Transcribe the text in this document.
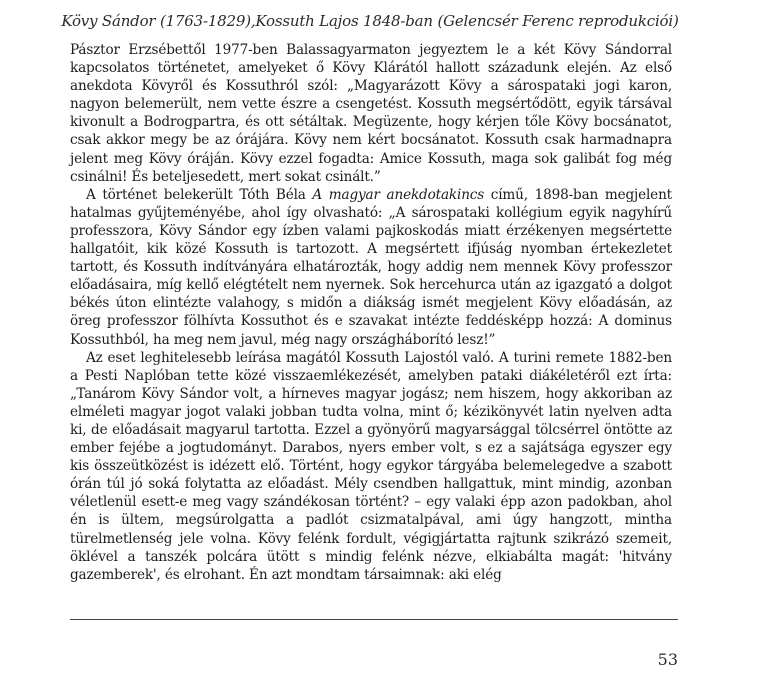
Kövy Sándor (1763-1829),Kossuth Lajos 1848-ban (Gelencsér Ferenc reprodukciói)

Pásztor Erzsébettől 1977-ben Balassagyarmaton jegyeztem le a két Kövy Sándorral kapcsolatos történetet, amelyeket ő Kövy Klárától hallott századunk elején. Az első anekdota Kövyről és Kossuthról szól: „Magyarázott Kövy a sárospataki jogi karon, nagyon belemerült, nem vette észre a csengetést. Kossuth megsértődött, egyik társával kivonult a Bodrogpartra, és ott sétáltak. Megüzente, hogy kérjen tőle Kövy bocsánatot, csak akkor megy be az órájára. Kövy nem kért bocsánatot. Kossuth csak harmadnapra jelent meg Kövy óráján. Kövy ezzel fogadta: Amice Kossuth, maga sok galibát fog még csinálni! És beteljesedett, mert sokat csinált.”

A történet belekerült Tóth Béla A magyar anekdotakincs című, 1898-ban megjelent hatalmas gyűjteményébe, ahol így olvasható: „A sárospataki kollégium egyik nagyhírű professzora, Kövy Sándor egy ízben valami pajkoskodás miatt érzékenyen megsértette hallgatóit, kik közé Kossuth is tartozott. A megsértett ifjúság nyomban értekezletet tartott, és Kossuth indítványára elhatározták, hogy addig nem mennek Kövy professzor előadásaira, míg kellő elégtételt nem nyernek. Sok hercehurca után az igazgató a dolgot békés úton elintézte valahogy, s midőn a diákság ismét megjelent Kövy előadásán, az öreg professzor fölhívta Kossuthot és e szavakat intézte feddésképp hozzá: A dominus Kossuthból, ha meg nem javul, még nagy országháborító lesz!”

Az eset leghitelesebb leírása magától Kossuth Lajostól való. A turini remete 1882-ben a Pesti Naplóban tette közé visszaemlékezését, amelyben pataki diákéletéről ezt írta: „Tanárom Kövy Sándor volt, a hírneves magyar jogász; nem hiszem, hogy akkoriban az elméleti magyar jogot valaki jobban tudta volna, mint ő; kézikönyvét latin nyelven adta ki, de előadásait magyarul tartotta. Ezzel a gyönyörű magyarsággal tölcsérrel öntötte az ember fejébe a jogtudományt. Darabos, nyers ember volt, s ez a sajátsága egyszer egy kis összeütközést is idézett elő. Történt, hogy egykor tárgyába belemelegedve a szabott órán túl jó soká folytatta az előadást. Mély csendben hallgattuk, mint mindig, azonban véletlenül esett-e meg vagy szándékosan történt? – egy valaki épp azon padokban, ahol én is ültem, megsúrolgatta a padlót csizmatalpával, ami úgy hangzott, mintha türelmetlenség jele volna. Kövy felénk fordult, végigjártatta rajtunk szikrázó szemeit, öklével a tanszék polcára ütött s mindig felénk nézve, elkiabálta magát: 'hitvány gazemberek', és elrohant. Én azt mondtam társaimnak: aki elég

53
